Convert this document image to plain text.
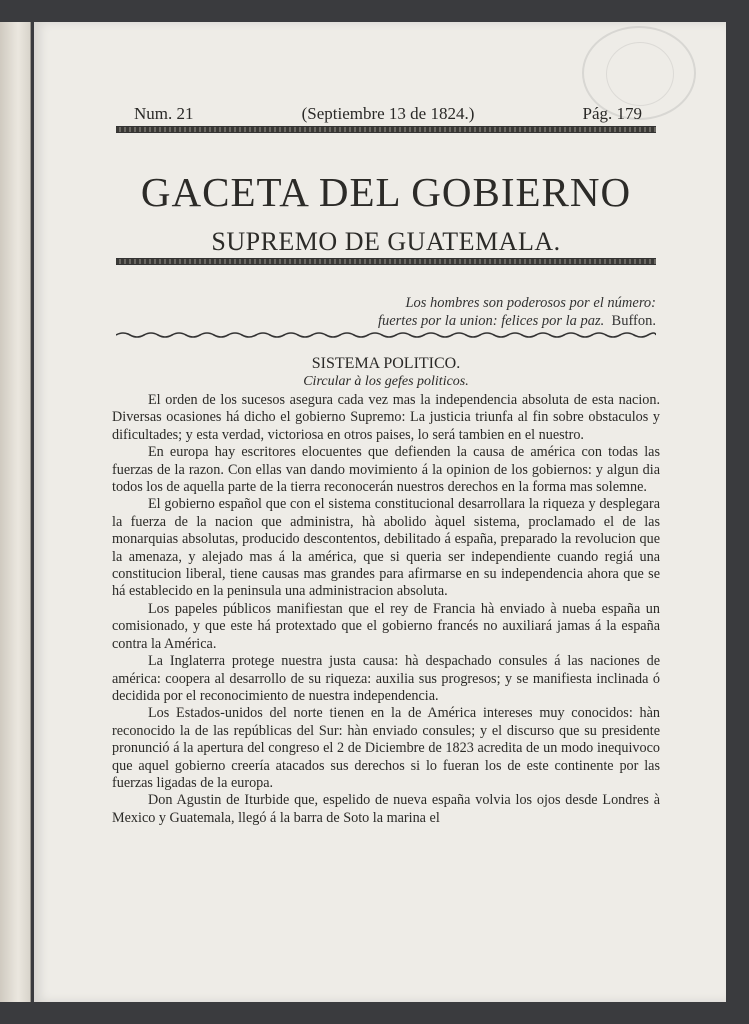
Num. 21	(Septiembre 13 de 1824.)	Pág. 179
GACETA DEL GOBIERNO
SUPREMO DE GUATEMALA.
Los hombres son poderosos por el número:
fuertes por la union: felices por la paz. Buffon.
SISTEMA POLITICO.
Circular à los gefes politicos.

El orden de los sucesos asegura cada vez mas la independencia absoluta de esta nacion. Diversas ocasiones há dicho el gobierno Supremo: La justicia triunfa al fin sobre obstaculos y dificultades; y esta verdad, victoriosa en otros paises, lo será tambien en el nuestro.

En europa hay escritores elocuentes que defienden la causa de américa con todas las fuerzas de la razon. Con ellas van dando movimiento á la opinion de los gobiernos: y algun dia todos los de aquella parte de la tierra reconocerán nuestros derechos en la forma mas solemne.

El gobierno español que con el sistema constitucional desarrollara la riqueza y desplegara la fuerza de la nacion que administra, hà abolido àquel sistema, proclamado el de las monarquias absolutas, producido descontentos, debilitado á españa, preparado la revolucion que la amenaza, y alejado mas á la américa, que si queria ser independiente cuando regiá una constitucion liberal, tiene causas mas grandes para afirmarse en su independencia ahora que se há establecido en la peninsula una administracion absoluta.

Los papeles públicos manifiestan que el rey de Francia hà enviado à nueba españa un comisionado, y que este há protextado que el gobierno francés no auxiliará jamas á la españa contra la América.

La Inglaterra protege nuestra justa causa: hà despachado consules á las naciones de américa: coopera al desarrollo de su riqueza: auxilia sus progresos; y se manifiesta inclinada ó decidida por el reconocimiento de nuestra independencia.

Los Estados-unidos del norte tienen en la de América intereses muy conocidos: hàn reconocido la de las repúblicas del Sur: hàn enviado consules; y el discurso que su presidente pronunció á la apertura del congreso el 2 de Diciembre de 1823 acredita de un modo inequivoco que aquel gobierno creería atacados sus derechos si lo fueran los de este continente por las fuerzas ligadas de la europa.

Don Agustin de Iturbide que, espelido de nueva españa volvia los ojos desde Londres à Mexico y Guatemala, llegó á la barra de Soto la marina el
